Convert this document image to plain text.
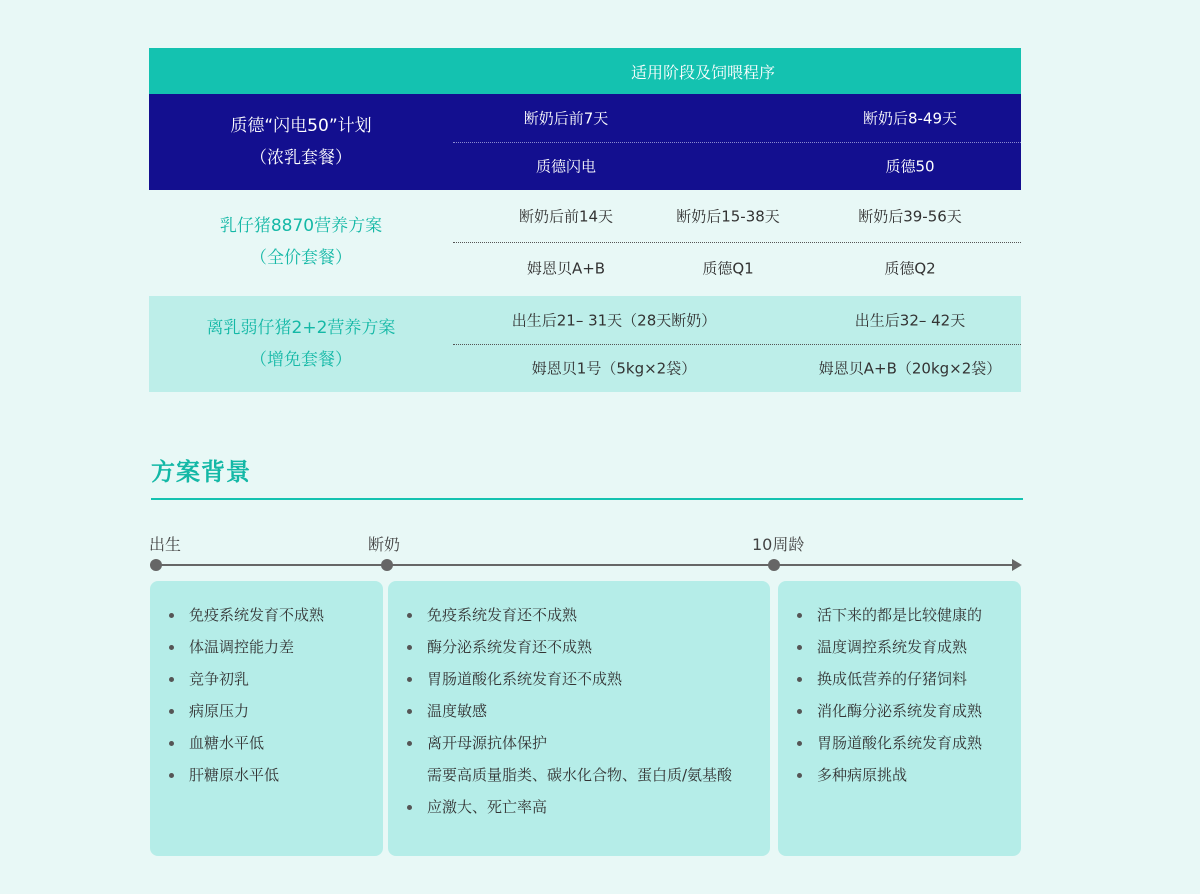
适用阶段及饲喂程序
质德“闪电50”计划
（浓乳套餐）
断奶后前7天	断奶后8-49天
质德闪电	质德50
乳仔猪8870营养方案
（全价套餐）
断奶后前14天	断奶后15-38天	断奶后39-56天
姆恩贝A+B	质德Q1	质德Q2
离乳弱仔猪2+2营养方案
（增免套餐）
出生后21– 31天（28天断奶）	出生后32– 42天
姆恩贝1号（5kg×2袋）	姆恩贝A+B（20kg×2袋）
方案背景
出生	断奶	10周龄
免疫系统发育不成熟
体温调控能力差
竞争初乳
病原压力
血糖水平低
肝糖原水平低
免疫系统发育还不成熟
酶分泌系统发育还不成熟
胃肠道酸化系统发育还不成熟
温度敏感
离开母源抗体保护
需要高质量脂类、碳水化合物、蛋白质/氨基酸
应激大、死亡率高
活下来的都是比较健康的
温度调控系统发育成熟
换成低营养的仔猪饲料
消化酶分泌系统发育成熟
胃肠道酸化系统发育成熟
多种病原挑战
